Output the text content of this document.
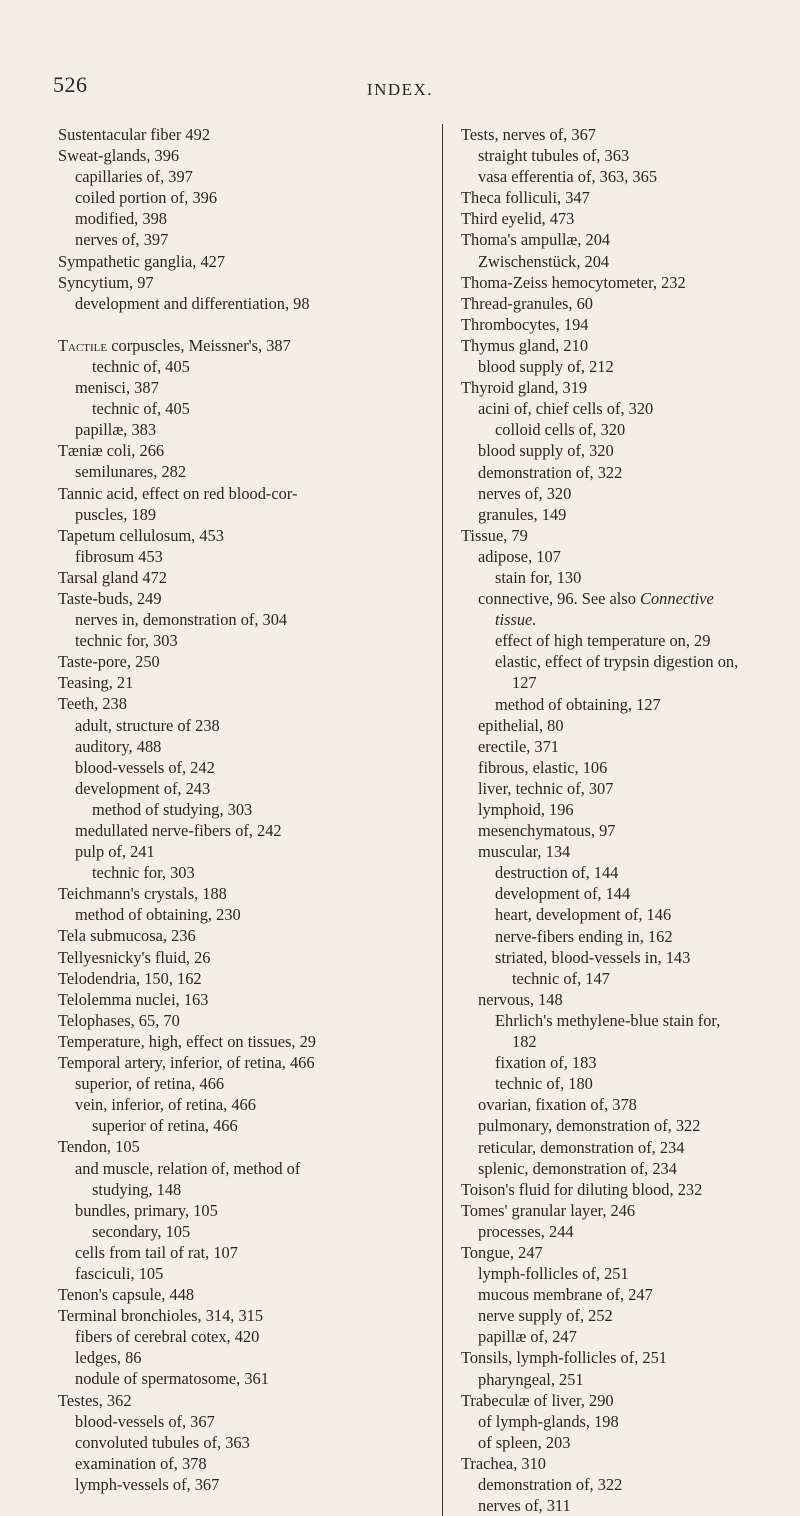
526	INDEX.
Sustentacular fiber 492
Sweat-glands, 396
capillaries of, 397
coiled portion of, 396
modified, 398
nerves of, 397
Sympathetic ganglia, 427
Syncytium, 97
development and differentiation, 98
Tactile corpuscles, Meissner's, 387
technic of, 405
menisci, 387
technic of, 405
papillæ, 383
Tæniæ coli, 266
semilunares, 282
Tannic acid, effect on red blood-cor-
puscles, 189
Tapetum cellulosum, 453
fibrosum 453
Tarsal gland 472
Taste-buds, 249
nerves in, demonstration of, 304
technic for, 303
Taste-pore, 250
Teasing, 21
Teeth, 238
adult, structure of 238
auditory, 488
blood-vessels of, 242
development of, 243
method of studying, 303
medullated nerve-fibers of, 242
pulp of, 241
technic for, 303
Teichmann's crystals, 188
method of obtaining, 230
Tela submucosa, 236
Tellyesnicky's fluid, 26
Telodendria, 150, 162
Telolemma nuclei, 163
Telophases, 65, 70
Temperature, high, effect on tissues, 29
Temporal artery, inferior, of retina, 466
superior, of retina, 466
vein, inferior, of retina, 466
superior of retina, 466
Tendon, 105
and muscle, relation of, method of
studying, 148
bundles, primary, 105
secondary, 105
cells from tail of rat, 107
fasciculi, 105
Tenon's capsule, 448
Terminal bronchioles, 314, 315
fibers of cerebral cotex, 420
ledges, 86
nodule of spermatosome, 361
Testes, 362
blood-vessels of, 367
convoluted tubules of, 363
examination of, 378
lymph-vessels of, 367
Tests, nerves of, 367
straight tubules of, 363
vasa efferentia of, 363, 365
Theca folliculi, 347
Third eyelid, 473
Thoma's ampullæ, 204
Zwischenstück, 204
Thoma-Zeiss hemocytometer, 232
Thread-granules, 60
Thrombocytes, 194
Thymus gland, 210
blood supply of, 212
Thyroid gland, 319
acini of, chief cells of, 320
colloid cells of, 320
blood supply of, 320
demonstration of, 322
nerves of, 320
granules, 149
Tissue, 79
adipose, 107
stain for, 130
connective, 96. See also Connective
tissue.
effect of high temperature on, 29
elastic, effect of trypsin digestion on,
127
method of obtaining, 127
epithelial, 80
erectile, 371
fibrous, elastic, 106
liver, technic of, 307
lymphoid, 196
mesenchymatous, 97
muscular, 134
destruction of, 144
development of, 144
heart, development of, 146
nerve-fibers ending in, 162
striated, blood-vessels in, 143
technic of, 147
nervous, 148
Ehrlich's methylene-blue stain for,
182
fixation of, 183
technic of, 180
ovarian, fixation of, 378
pulmonary, demonstration of, 322
reticular, demonstration of, 234
splenic, demonstration of, 234
Toison's fluid for diluting blood, 232
Tomes' granular layer, 246
processes, 244
Tongue, 247
lymph-follicles of, 251
mucous membrane of, 247
nerve supply of, 252
papillæ of, 247
Tonsils, lymph-follicles of, 251
pharyngeal, 251
Trabeculæ of liver, 290
of lymph-glands, 198
of spleen, 203
Trachea, 310
demonstration of, 322
nerves of, 311
